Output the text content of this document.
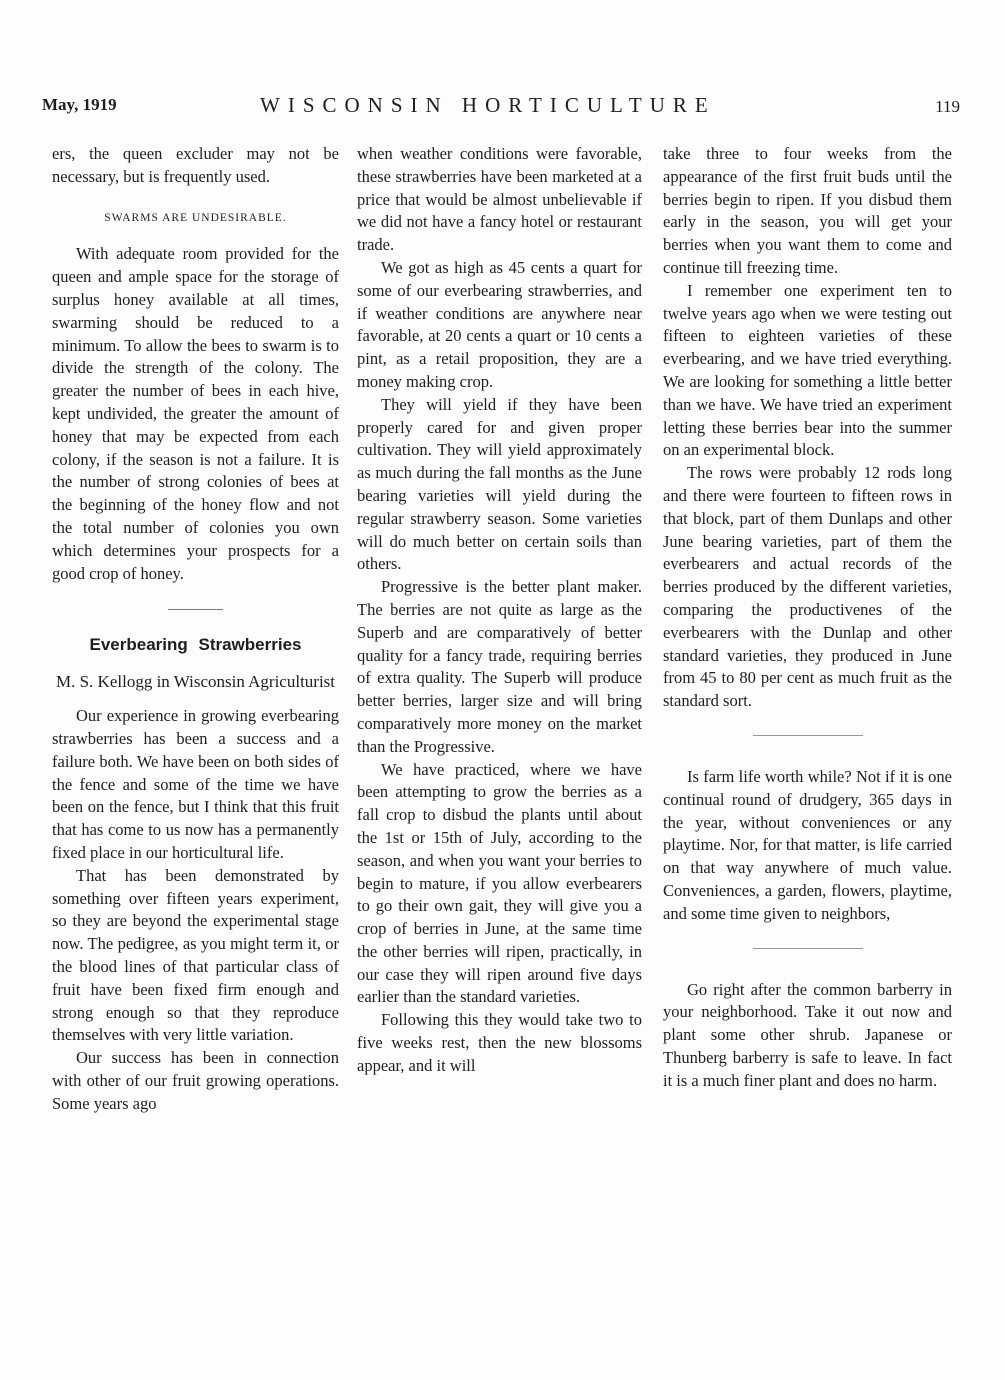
May, 1919	WISCONSIN HORTICULTURE	119

ers, the queen excluder may not be necessary, but is frequently used.

SWARMS ARE UNDESIRABLE.

With adequate room provided for the queen and ample space for the storage of surplus honey available at all times, swarming should be reduced to a minimum. To allow the bees to swarm is to divide the strength of the colony. The greater the number of bees in each hive, kept undivided, the greater the amount of honey that may be expected from each colony, if the season is not a failure. It is the number of strong colonies of bees at the beginning of the honey flow and not the total number of colonies you own which determines your prospects for a good crop of honey.

Everbearing Strawberries
M. S. Kellogg in Wisconsin Agriculturist

Our experience in growing everbearing strawberries has been a success and a failure both. We have been on both sides of the fence and some of the time we have been on the fence, but I think that this fruit that has come to us now has a permanently fixed place in our horticultural life.

That has been demonstrated by something over fifteen years experiment, so they are beyond the experimental stage now. The pedigree, as you might term it, or the blood lines of that particular class of fruit have been fixed firm enough and strong enough so that they reproduce themselves with very little variation.

Our success has been in connection with other of our fruit growing operations. Some years ago

when weather conditions were favorable, these strawberries have been marketed at a price that would be almost unbelievable if we did not have a fancy hotel or restaurant trade.

We got as high as 45 cents a quart for some of our everbearing strawberries, and if weather conditions are anywhere near favorable, at 20 cents a quart or 10 cents a pint, as a retail proposition, they are a money making crop.

They will yield if they have been properly cared for and given proper cultivation. They will yield approximately as much during the fall months as the June bearing varieties will yield during the regular strawberry season. Some varieties will do much better on certain soils than others.

Progressive is the better plant maker. The berries are not quite as large as the Superb and are comparatively of better quality for a fancy trade, requiring berries of extra quality. The Superb will produce better berries, larger size and will bring comparatively more money on the market than the Progressive.

We have practiced, where we have been attempting to grow the berries as a fall crop to disbud the plants until about the 1st or 15th of July, according to the season, and when you want your berries to begin to mature, if you allow everbearers to go their own gait, they will give you a crop of berries in June, at the same time the other berries will ripen, practically, in our case they will ripen around five days earlier than the standard varieties.

Following this they would take two to five weeks rest, then the new blossoms appear, and it will

take three to four weeks from the appearance of the first fruit buds until the berries begin to ripen. If you disbud them early in the season, you will get your berries when you want them to come and continue till freezing time.

I remember one experiment ten to twelve years ago when we were testing out fifteen to eighteen varieties of these everbearing, and we have tried everything. We are looking for something a little better than we have. We have tried an experiment letting these berries bear into the summer on an experimental block.

The rows were probably 12 rods long and there were fourteen to fifteen rows in that block, part of them Dunlaps and other June bearing varieties, part of them the everbearers and actual records of the berries produced by the different varieties, comparing the productivenes of the everbearers with the Dunlap and other standard varieties, they produced in June from 45 to 80 per cent as much fruit as the standard sort.

Is farm life worth while? Not if it is one continual round of drudgery, 365 days in the year, without conveniences or any playtime. Nor, for that matter, is life carried on that way anywhere of much value. Conveniences, a garden, flowers, playtime, and some time given to neighbors,

Go right after the common barberry in your neighborhood. Take it out now and plant some other shrub. Japanese or Thunberg barberry is safe to leave. In fact it is a much finer plant and does no harm.
